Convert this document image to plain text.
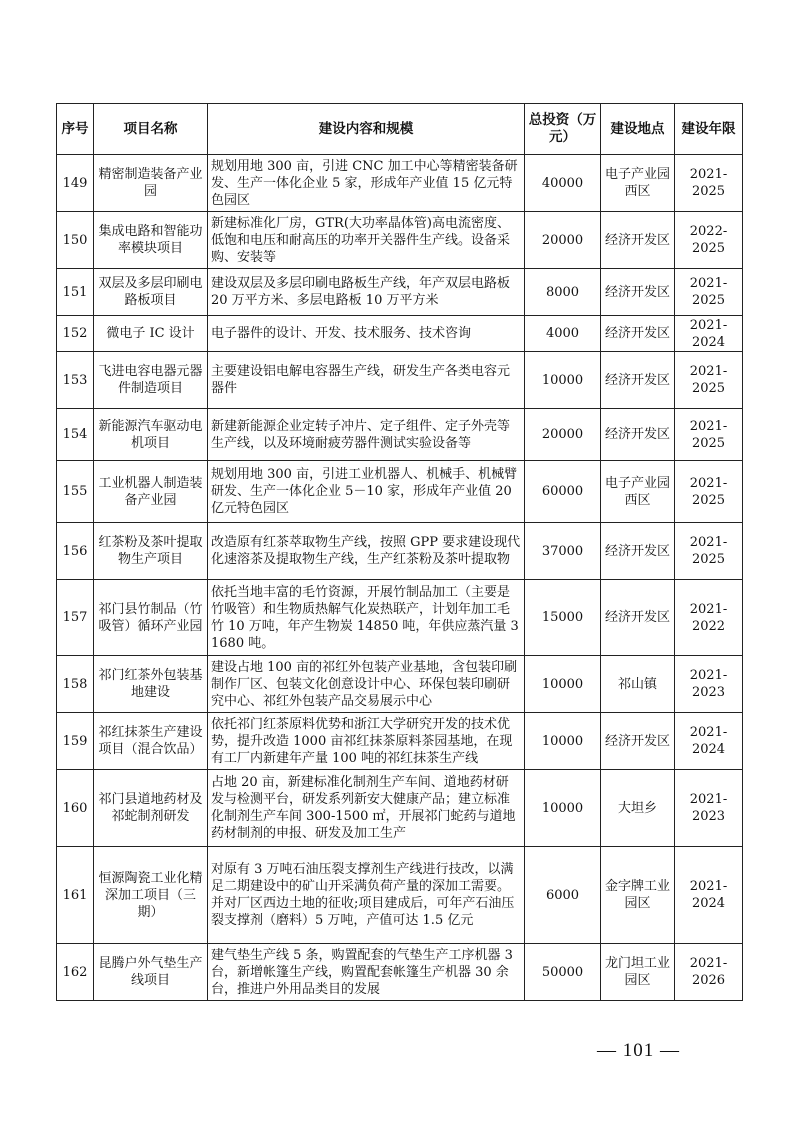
序号	项目名称	建设内容和规模	总投资（万元）	建设地点	建设年限
149	精密制造装备产业园	规划用地 300 亩，引进 CNC 加工中心等精密装备研发、生产一体化企业 5 家，形成年产业值 15 亿元特色园区	40000	电子产业园西区	2021-2025
150	集成电路和智能功率模块项目	新建标准化厂房，GTR(大功率晶体管)高电流密度、低饱和电压和耐高压的功率开关器件生产线。设备采购、安装等	20000	经济开发区	2022-2025
151	双层及多层印刷电路板项目	建设双层及多层印刷电路板生产线，年产双层电路板 20 万平方米、多层电路板 10 万平方米	8000	经济开发区	2021-2025
152	微电子 IC 设计	电子器件的设计、开发、技术服务、技术咨询	4000	经济开发区	2021-2024
153	飞进电容电器元器件制造项目	主要建设铝电解电容器生产线，研发生产各类电容元器件	10000	经济开发区	2021-2025
154	新能源汽车驱动电机项目	新建新能源企业定转子冲片、定子组件、定子外壳等生产线，以及环境耐疲劳器件测试实验设备等	20000	经济开发区	2021-2025
155	工业机器人制造装备产业园	规划用地 300 亩，引进工业机器人、机械手、机械臂研发、生产一体化企业 5－10 家，形成年产业值 20 亿元特色园区	60000	电子产业园西区	2021-2025
156	红茶粉及茶叶提取物生产项目	改造原有红茶萃取物生产线，按照 GPP 要求建设现代化速溶茶及提取物生产线，生产红茶粉及茶叶提取物	37000	经济开发区	2021-2025
157	祁门县竹制品（竹吸管）循环产业园	依托当地丰富的毛竹资源，开展竹制品加工（主要是竹吸管）和生物质热解气化炭热联产，计划年加工毛竹 10 万吨，年产生物炭 14850 吨，年供应蒸汽量 31680 吨。	15000	经济开发区	2021-2022
158	祁门红茶外包装基地建设	建设占地 100 亩的祁红外包装产业基地，含包装印刷制作厂区、包装文化创意设计中心、环保包装印刷研究中心、祁红外包装产品交易展示中心	10000	祁山镇	2021-2023
159	祁红抹茶生产建设项目（混合饮品）	依托祁门红茶原料优势和浙江大学研究开发的技术优势，提升改造 1000 亩祁红抹茶原料茶园基地，在现有工厂内新建年产量 100 吨的祁红抹茶生产线	10000	经济开发区	2021-2024
160	祁门县道地药材及祁蛇制剂研发	占地 20 亩，新建标准化制剂生产车间、道地药材研发与检测平台，研发系列新安大健康产品；建立标准化制剂生产车间 300-1500 ㎡，开展祁门蛇药与道地药材制剂的申报、研发及加工生产	10000	大坦乡	2021-2023
161	恒源陶瓷工业化精深加工项目（三期）	对原有 3 万吨石油压裂支撑剂生产线进行技改，以满足二期建设中的矿山开采满负荷产量的深加工需要。并对厂区西边土地的征收;项目建成后，可年产石油压裂支撑剂（磨料）5 万吨，产值可达 1.5 亿元	6000	金字牌工业园区	2021-2024
162	昆腾户外气垫生产线项目	建气垫生产线 5 条，购置配套的气垫生产工序机器 3 台，新增帐篷生产线，购置配套帐篷生产机器 30 余台，推进户外用品类目的发展	50000	龙门坦工业园区	2021-2026
— 101 —
